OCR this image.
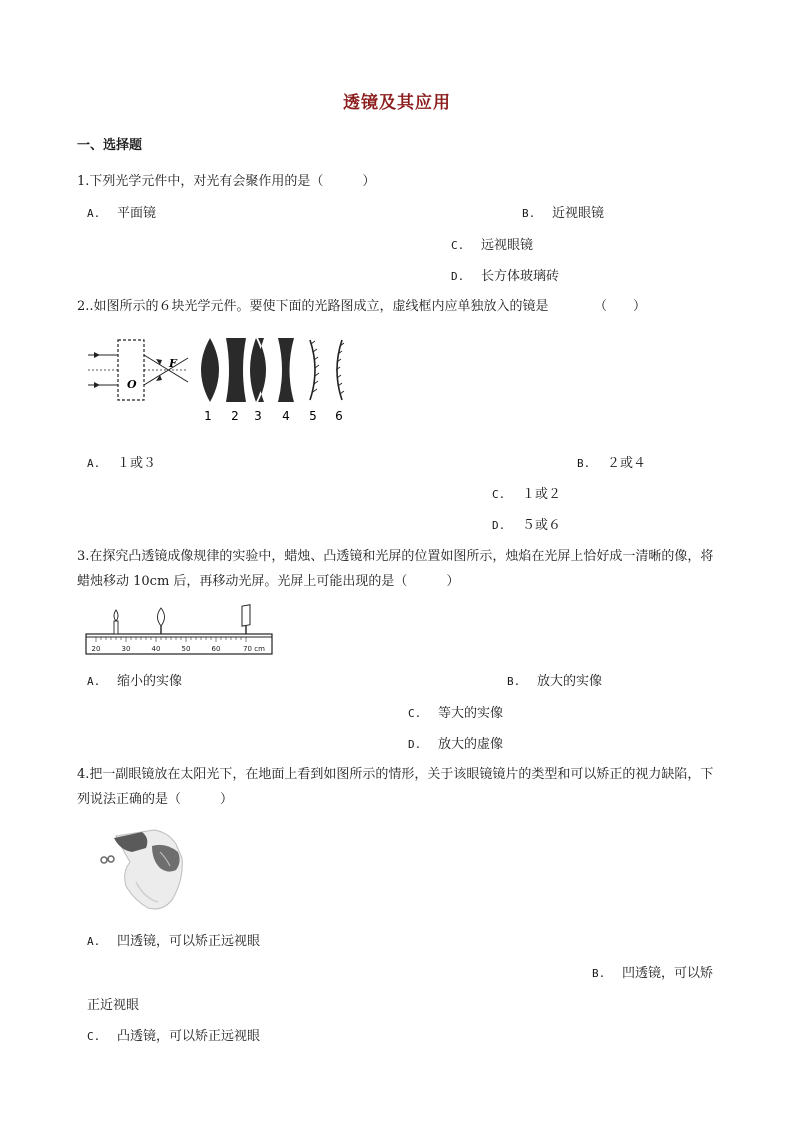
透镜及其应用
一、选择题
1.下列光学元件中，对光有会聚作用的是（　　　）
A. 平面镜	B. 近视眼镜
C. 远视眼镜
D. 长方体玻璃砖
2..如图所示的６块光学元件。要使下面的光路图成立，虚线框内应单独放入的镜是　　　　（　　）
F
O
1 2 3 4 5 6
A. １或３	B. ２或４
C. １或２
D. ５或６
3.在探究凸透镜成像规律的实验中，蜡烛、凸透镜和光屏的位置如图所示，烛焰在光屏上恰好成一清晰的像，将蜡烛移动 10cm 后，再移动光屏。光屏上可能出现的是（　　　）
20	30	40	50	60	70 cm
A. 缩小的实像	B. 放大的实像
C. 等大的实像
D. 放大的虚像
4.把一副眼镜放在太阳光下，在地面上看到如图所示的情形，关于该眼镜镜片的类型和可以矫正的视力缺陷，下列说法正确的是（　　　）
A. 凹透镜，可以矫正远视眼
B. 凹透镜，可以矫
正近视眼
C. 凸透镜，可以矫正远视眼
